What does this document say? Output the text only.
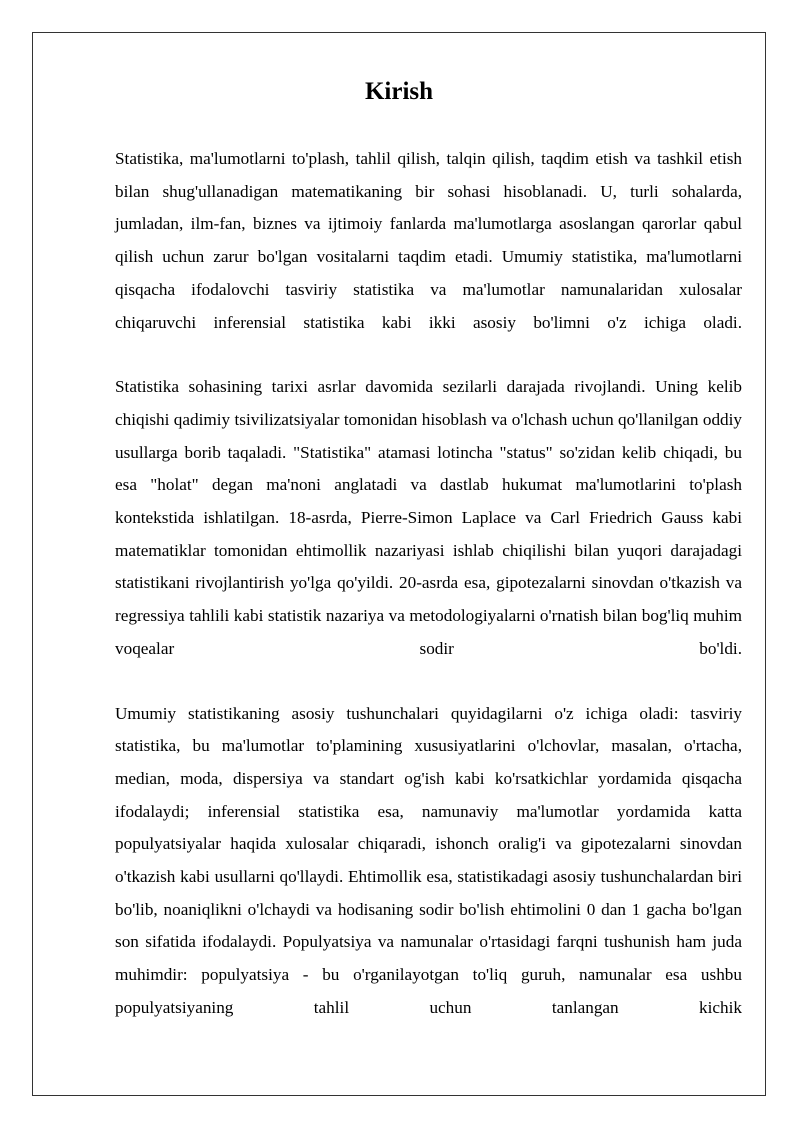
Kirish

Statistika, ma'lumotlarni to'plash, tahlil qilish, talqin qilish, taqdim etish va tashkil etish bilan shug'ullanadigan matematikaning bir sohasi hisoblanadi. U, turli sohalarda, jumladan, ilm-fan, biznes va ijtimoiy fanlarda ma'lumotlarga asoslangan qarorlar qabul qilish uchun zarur bo'lgan vositalarni taqdim etadi. Umumiy statistika, ma'lumotlarni qisqacha ifodalovchi tasviriy statistika va ma'lumotlar namunalaridan xulosalar chiqaruvchi inferensial statistika kabi ikki asosiy bo'limni o'z ichiga oladi.

Statistika sohasining tarixi asrlar davomida sezilarli darajada rivojlandi. Uning kelib chiqishi qadimiy tsivilizatsiyalar tomonidan hisoblash va o'lchash uchun qo'llanilgan oddiy usullarga borib taqaladi. "Statistika" atamasi lotincha "status" so'zidan kelib chiqadi, bu esa "holat" degan ma'noni anglatadi va dastlab hukumat ma'lumotlarini to'plash kontekstida ishlatilgan. 18-asrda, Pierre-Simon Laplace va Carl Friedrich Gauss kabi matematiklar tomonidan ehtimollik nazariyasi ishlab chiqilishi bilan yuqori darajadagi statistikani rivojlantirish yo'lga qo'yildi. 20-asrda esa, gipotezalarni sinovdan o'tkazish va regressiya tahlili kabi statistik nazariya va metodologiyalarni o'rnatish bilan bog'liq muhim voqealar sodir bo'ldi.

Umumiy statistikaning asosiy tushunchalari quyidagilarni o'z ichiga oladi: tasviriy statistika, bu ma'lumotlar to'plamining xususiyatlarini o'lchovlar, masalan, o'rtacha, median, moda, dispersiya va standart og'ish kabi ko'rsatkichlar yordamida qisqacha ifodalaydi; inferensial statistika esa, namunaviy ma'lumotlar yordamida katta populyatsiyalar haqida xulosalar chiqaradi, ishonch oralig'i va gipotezalarni sinovdan o'tkazish kabi usullarni qo'llaydi. Ehtimollik esa, statistikadagi asosiy tushunchalardan biri bo'lib, noaniqlikni o'lchaydi va hodisaning sodir bo'lish ehtimolini 0 dan 1 gacha bo'lgan son sifatida ifodalaydi. Populyatsiya va namunalar o'rtasidagi farqni tushunish ham juda muhimdir: populyatsiya - bu o'rganilayotgan to'liq guruh, namunalar esa ushbu populyatsiyaning tahlil uchun tanlangan kichik
